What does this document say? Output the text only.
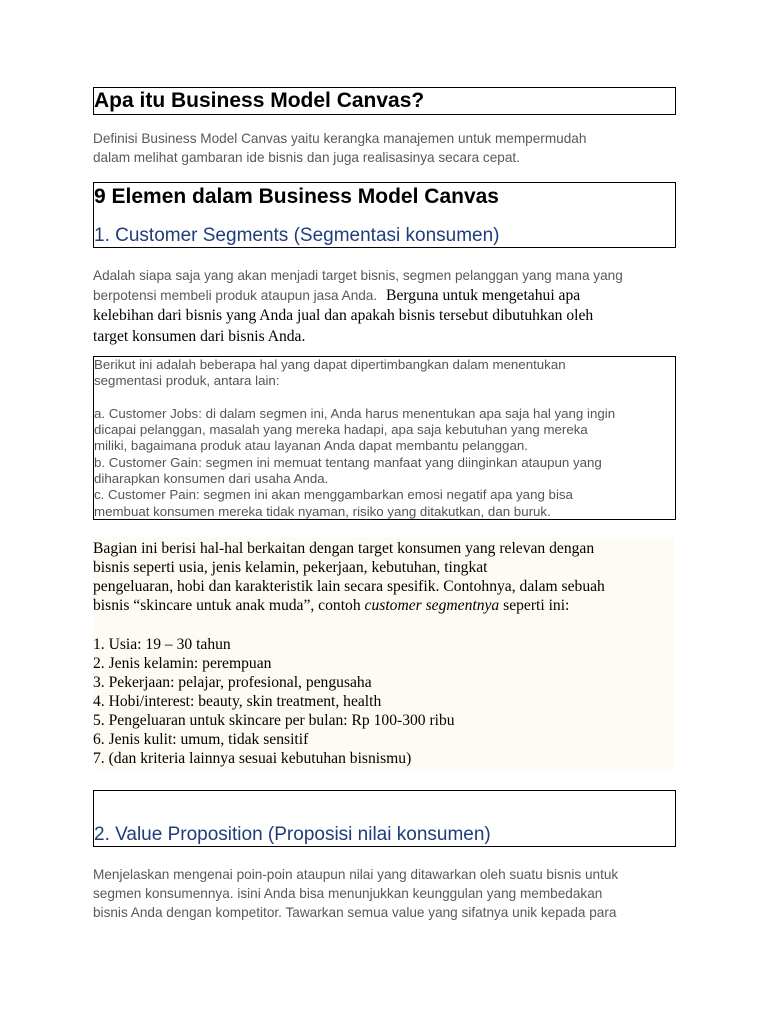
Apa itu Business Model Canvas?
Definisi Business Model Canvas yaitu kerangka manajemen untuk mempermudah
dalam melihat gambaran ide bisnis dan juga realisasinya secara cepat.
9 Elemen dalam Business Model Canvas
1. Customer Segments (Segmentasi konsumen)
Adalah siapa saja yang akan menjadi target bisnis, segmen pelanggan yang mana yang
berpotensi membeli produk ataupun jasa Anda. Berguna untuk mengetahui apa
kelebihan dari bisnis yang Anda jual dan apakah bisnis tersebut dibutuhkan oleh
target konsumen dari bisnis Anda.
Berikut ini adalah beberapa hal yang dapat dipertimbangkan dalam menentukan
segmentasi produk, antara lain:
a. Customer Jobs: di dalam segmen ini, Anda harus menentukan apa saja hal yang ingin
dicapai pelanggan, masalah yang mereka hadapi, apa saja kebutuhan yang mereka
miliki, bagaimana produk atau layanan Anda dapat membantu pelanggan.
b. Customer Gain: segmen ini memuat tentang manfaat yang diinginkan ataupun yang
diharapkan konsumen dari usaha Anda.
c. Customer Pain: segmen ini akan menggambarkan emosi negatif apa yang bisa
membuat konsumen mereka tidak nyaman, risiko yang ditakutkan, dan buruk.
Bagian ini berisi hal-hal berkaitan dengan target konsumen yang relevan dengan
bisnis seperti usia, jenis kelamin, pekerjaan, kebutuhan, tingkat
pengeluaran, hobi dan karakteristik lain secara spesifik. Contohnya, dalam sebuah
bisnis “skincare untuk anak muda”, contoh customer segmentnya seperti ini:
1. Usia: 19 – 30 tahun
2. Jenis kelamin: perempuan
3. Pekerjaan: pelajar, profesional, pengusaha
4. Hobi/interest: beauty, skin treatment, health
5. Pengeluaran untuk skincare per bulan: Rp 100-300 ribu
6. Jenis kulit: umum, tidak sensitif
7. (dan kriteria lainnya sesuai kebutuhan bisnismu)
2. Value Proposition (Proposisi nilai konsumen)
Menjelaskan mengenai poin-poin ataupun nilai yang ditawarkan oleh suatu bisnis untuk
segmen konsumennya. isini Anda bisa menunjukkan keunggulan yang membedakan
bisnis Anda dengan kompetitor. Tawarkan semua value yang sifatnya unik kepada para
